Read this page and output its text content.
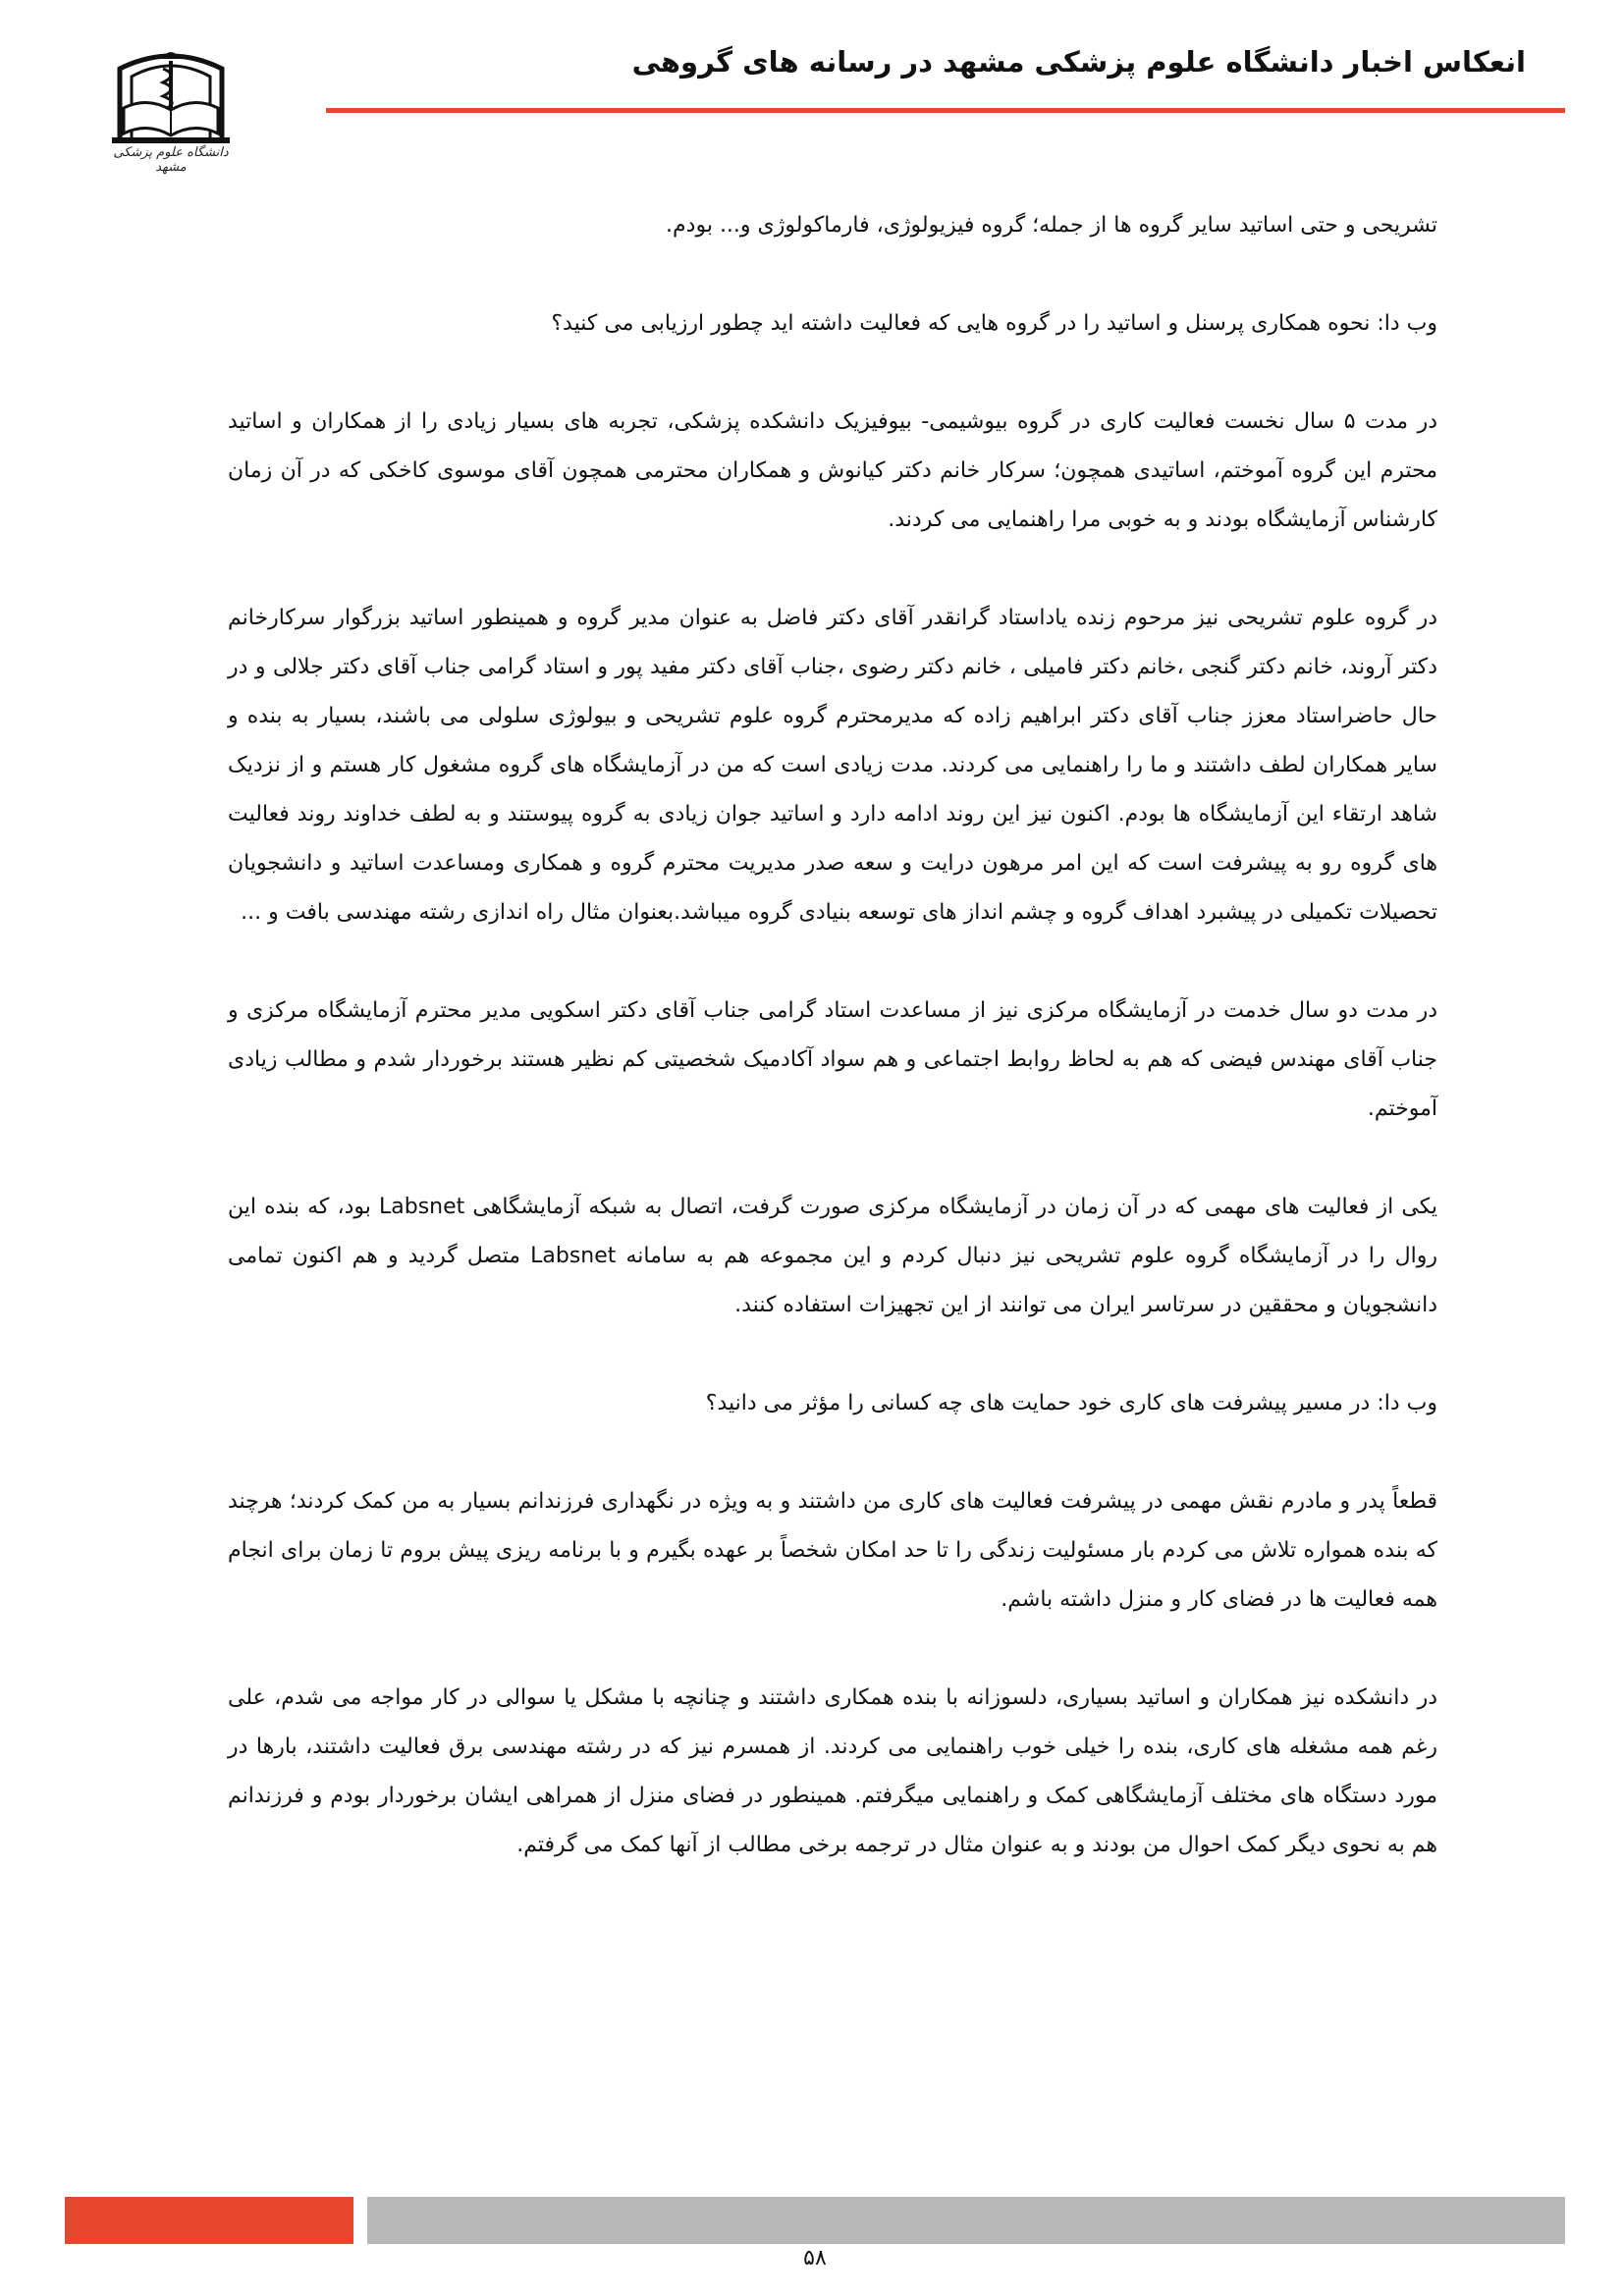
انعکاس اخبار دانشگاه علوم پزشکی مشهد در رسانه های گروهی
دانشگاه علوم پزشکی مشهد

تشریحی و حتی اساتید سایر گروه ها از جمله؛ گروه فیزیولوژی، فارماکولوژی و... بودم.

وب دا: نحوه همکاری پرسنل و اساتید را در گروه هایی که فعالیت داشته اید چطور ارزیابی می کنید؟

در مدت ۵ سال نخست فعالیت کاری در گروه بیوشیمی- بیوفیزیک دانشکده پزشکی، تجربه های بسیار زیادی را از همکاران و اساتید محترم این گروه آموختم، اساتیدی همچون؛ سرکار خانم دکتر کیانوش و همکاران محترمی همچون آقای موسوی کاخکی که در آن زمان کارشناس آزمایشگاه بودند و به خوبی مرا راهنمایی می کردند.

در گروه علوم تشریحی نیز مرحوم زنده یاداستاد گرانقدر آقای دکتر فاضل به عنوان مدیر گروه و همینطور اساتید بزرگوار سرکارخانم دکتر آروند، خانم دکتر گنجی ،خانم دکتر فامیلی ، خانم دکتر رضوی ،جناب آقای دکتر مفید پور و استاد گرامی جناب آقای دکتر جلالی و در حال حاضراستاد معزز جناب آقای دکتر ابراهیم زاده که مدیرمحترم گروه علوم تشریحی و بیولوژی سلولی می باشند، بسیار به بنده و سایر همکاران لطف داشتند و ما را راهنمایی می کردند. مدت زیادی است که من در آزمایشگاه های گروه مشغول کار هستم و از نزدیک شاهد ارتقاء این آزمایشگاه ها بودم. اکنون نیز این روند ادامه دارد و اساتید جوان زیادی به گروه پیوستند و به لطف خداوند روند فعالیت های گروه رو به پیشرفت است که این امر مرهون درایت و سعه صدر مدیریت محترم گروه و همکاری ومساعدت اساتید و دانشجویان تحصیلات تکمیلی در پیشبرد اهداف گروه و چشم انداز های توسعه بنیادی گروه میباشد.بعنوان مثال راه اندازی رشته مهندسی بافت و ...

در مدت دو سال خدمت در آزمایشگاه مرکزی نیز از مساعدت استاد گرامی جناب آقای دکتر اسکویی مدیر محترم آزمایشگاه مرکزی و جناب آقای مهندس فیضی که هم به لحاظ روابط اجتماعی و هم سواد آکادمیک شخصیتی کم نظیر هستند برخوردار شدم و مطالب زیادی آموختم.

یکی از فعالیت های مهمی که در آن زمان در آزمایشگاه مرکزی صورت گرفت، اتصال به شبکه آزمایشگاهی Labsnet بود، که بنده این روال را در آزمایشگاه گروه علوم تشریحی نیز دنبال کردم و این مجموعه هم به سامانه Labsnet متصل گردید و هم اکنون تمامی دانشجویان و محققین در سرتاسر ایران می توانند از این تجهیزات استفاده کنند.

وب دا: در مسیر پیشرفت های کاری خود حمایت های چه کسانی را مؤثر می دانید؟

قطعاً پدر و مادرم نقش مهمی در پیشرفت فعالیت های کاری من داشتند و به ویژه در نگهداری فرزندانم بسیار به من کمک کردند؛ هرچند که بنده همواره تلاش می کردم بار مسئولیت زندگی را تا حد امکان شخصاً بر عهده بگیرم و با برنامه ریزی پیش بروم تا زمان برای انجام همه فعالیت ها در فضای کار و منزل داشته باشم.

در دانشکده نیز همکاران و اساتید بسیاری، دلسوزانه با بنده همکاری داشتند و چنانچه با مشکل یا سوالی در کار مواجه می شدم، علی رغم همه مشغله های کاری، بنده را خیلی خوب راهنمایی می کردند. از همسرم نیز که در رشته مهندسی برق فعالیت داشتند، بارها در مورد دستگاه های مختلف آزمایشگاهی کمک و راهنمایی میگرفتم. همینطور در فضای منزل از همراهی ایشان برخوردار بودم و فرزندانم هم به نحوی دیگر کمک احوال من بودند و به عنوان مثال در ترجمه برخی مطالب از آنها کمک می گرفتم.

۵۸
